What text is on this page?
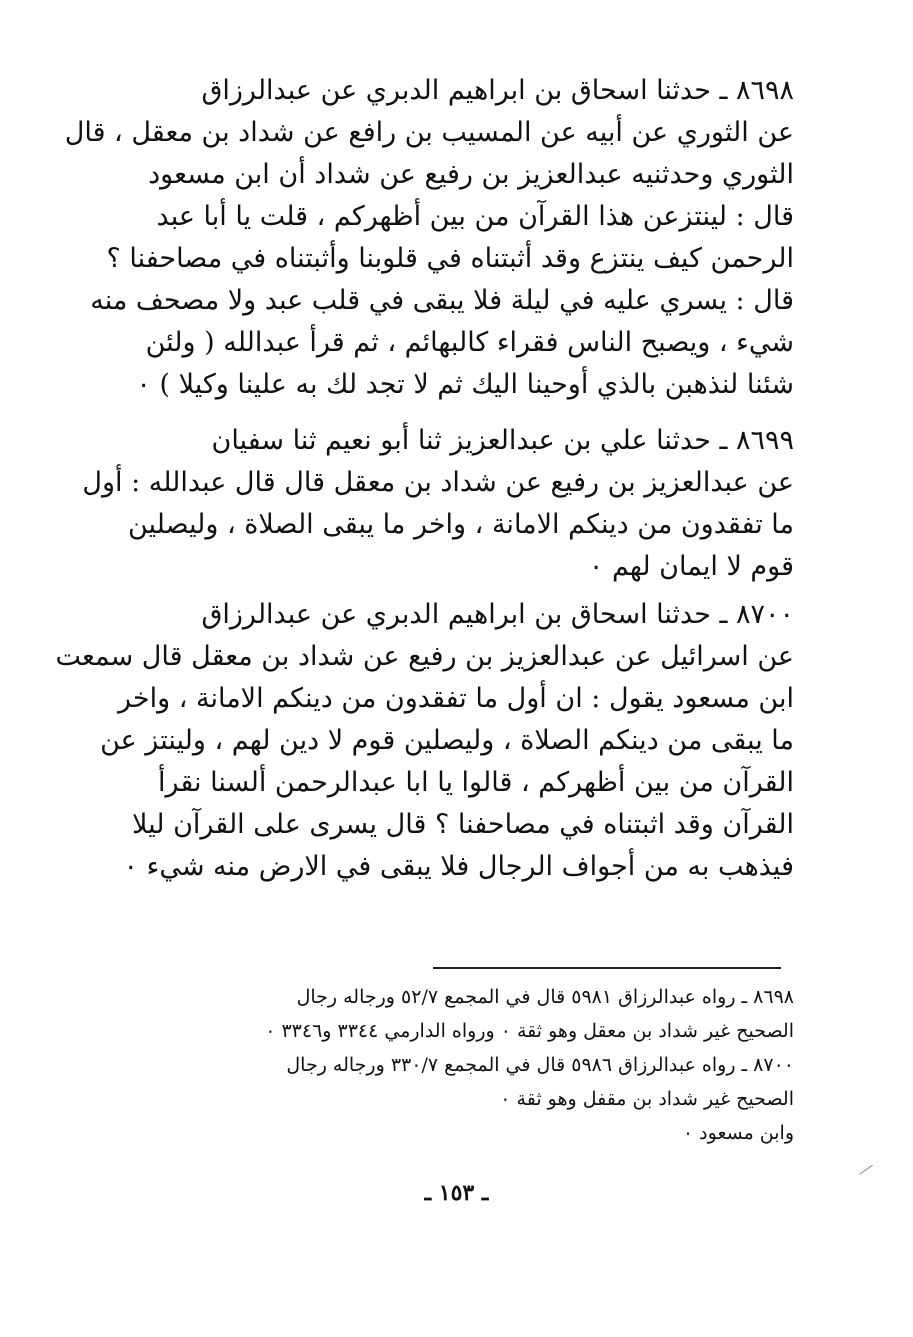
٨٦٩٨ ـ حدثنا اسحاق بن ابراهيم الدبري عن عبدالرزاق
عن الثوري عن أبيه عن المسيب بن رافع عن شداد بن معقل ، قال
الثوري وحدثنيه عبدالعزيز بن رفيع عن شداد أن ابن مسعود
قال : لينتزعن هذا القرآن من بين أظهركم ، قلت يا أبا عبد
الرحمن كيف ينتزع وقد أثبتناه في قلوبنا وأثبتناه في مصاحفنا ؟
قال : يسري عليه في ليلة فلا يبقى في قلب عبد ولا مصحف منه
شيء ، ويصبح الناس فقراء كالبهائم ، ثم قرأ عبدالله ( ولئن
شئنا لنذهبن بالذي أوحينا اليك ثم لا تجد لك به علينا وكيلا ) ٠
٨٦٩٩ ـ حدثنا علي بن عبدالعزيز ثنا أبو نعيم ثنا سفيان
عن عبدالعزيز بن رفيع عن شداد بن معقل قال قال عبدالله : أول
ما تفقدون من دينكم الامانة ، واخر ما يبقى الصلاة ، وليصلين
قوم لا ايمان لهم ٠
٨٧٠٠ ـ حدثنا اسحاق بن ابراهيم الدبري عن عبدالرزاق
عن اسرائيل عن عبدالعزيز بن رفيع عن شداد بن معقل قال سمعت
ابن مسعود يقول : ان أول ما تفقدون من دينكم الامانة ، واخر
ما يبقى من دينكم الصلاة ، وليصلين قوم لا دين لهم ، ولينتز عن
القرآن من بين أظهركم ، قالوا يا ابا عبدالرحمن ألسنا نقرأ
القرآن وقد اثبتناه في مصاحفنا ؟ قال يسرى على القرآن ليلا
فيذهب به من أجواف الرجال فلا يبقى في الارض منه شيء ٠
٨٦٩٨ ـ رواه عبدالرزاق ٥٩٨١ قال في المجمع ٥٢/٧ ورجاله رجال
الصحيح غير شداد بن معقل وهو ثقة ٠ ورواه الدارمي ٣٣٤٤ و٣٣٤٦ ٠
٨٧٠٠ ـ رواه عبدالرزاق ٥٩٨٦ قال في المجمع ٣٣٠/٧ ورجاله رجال
الصحيح غير شداد بن مقفل وهو ثقة ٠
وابن مسعود ٠
ـ ١٥٣ ـ
